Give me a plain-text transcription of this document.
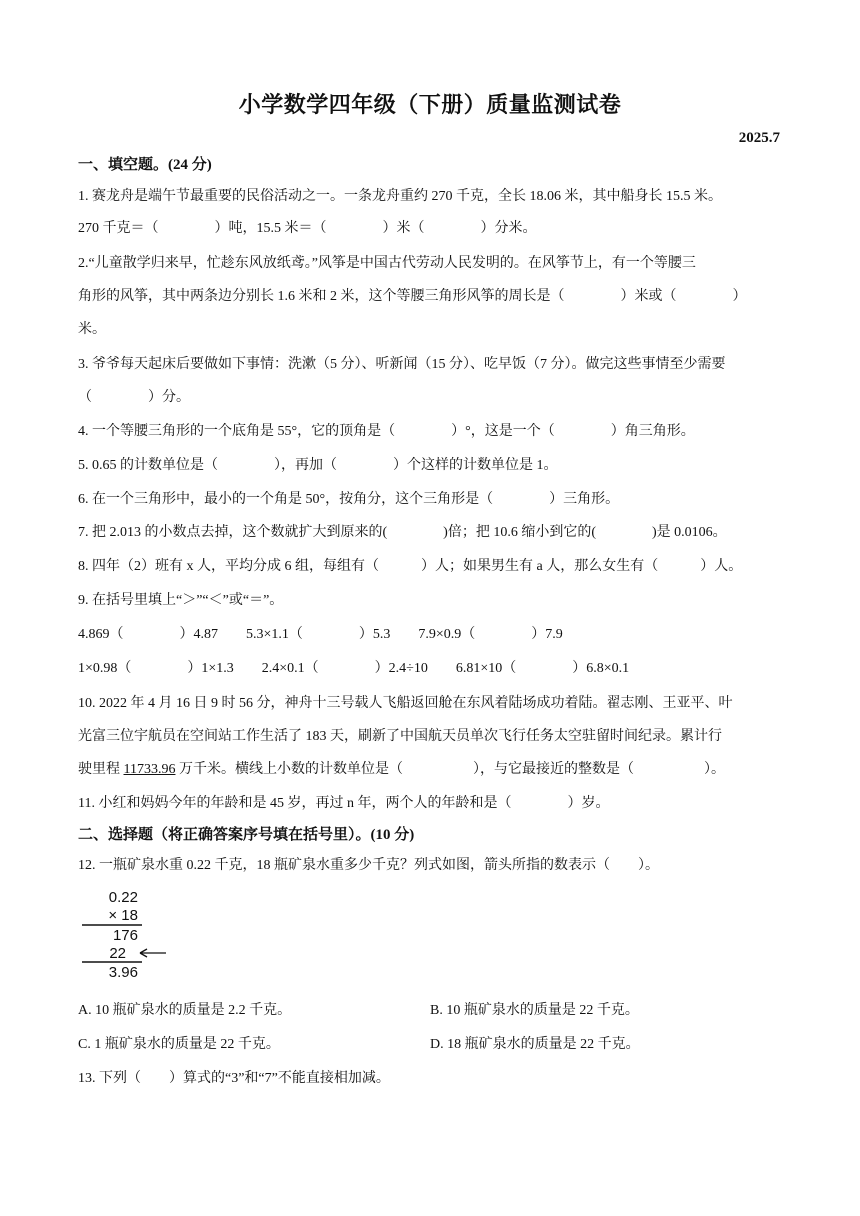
小学数学四年级（下册）质量监测试卷
2025.7
一、填空题。(24 分)
1. 赛龙舟是端午节最重要的民俗活动之一。一条龙舟重约 270 千克，全长 18.06 米，其中船身长 15.5 米。
270 千克＝（　　　　）吨，15.5 米＝（　　　　）米（　　　　）分米。
2.“儿童散学归来早，忙趁东风放纸鸢。”风筝是中国古代劳动人民发明的。在风筝节上，有一个等腰三
角形的风筝，其中两条边分别长 1.6 米和 2 米，这个等腰三角形风筝的周长是（　　　　）米或（　　　　）
米。
3. 爷爷每天起床后要做如下事情：洗漱（5 分）、听新闻（15 分）、吃早饭（7 分）。做完这些事情至少需要
（　　　　）分。
4. 一个等腰三角形的一个底角是 55°，它的顶角是（　　　　）°，这是一个（　　　　）角三角形。
5. 0.65 的计数单位是（　　　　），再加（　　　　）个这样的计数单位是 1。
6. 在一个三角形中，最小的一个角是 50°，按角分，这个三角形是（　　　　）三角形。
7. 把 2.013 的小数点去掉，这个数就扩大到原来的(　　　　)倍；把 10.6 缩小到它的(　　　　)是 0.0106。
8. 四年（2）班有 x 人，平均分成 6 组，每组有（　　　）人；如果男生有 a 人，那么女生有（　　　）人。
9. 在括号里填上“＞”“＜”或“＝”。
4.869（　　　　）4.87　　5.3×1.1（　　　　）5.3　　7.9×0.9（　　　　）7.9
1×0.98（　　　　）1×1.3　　2.4×0.1（　　　　）2.4÷10　　6.81×10（　　　　）6.8×0.1
10. 2022 年 4 月 16 日 9 时 56 分，神舟十三号载人飞船返回舱在东风着陆场成功着陆。翟志刚、王亚平、叶
光富三位宇航员在空间站工作生活了 183 天，刷新了中国航天员单次飞行任务太空驻留时间纪录。累计行
驶里程 11733.96 万千米。横线上小数的计数单位是（　　　　　），与它最接近的整数是（　　　　　）。
11. 小红和妈妈今年的年龄和是 45 岁，再过 n 年，两个人的年龄和是（　　　　）岁。
二、选择题（将正确答案序号填在括号里）。(10 分)
12. 一瓶矿泉水重 0.22 千克，18 瓶矿泉水重多少千克？列式如图，箭头所指的数表示（　　）。
0.22
× 18
176
22
3.96
A. 10 瓶矿泉水的质量是 2.2 千克。	B. 10 瓶矿泉水的质量是 22 千克。
C. 1 瓶矿泉水的质量是 22 千克。	D. 18 瓶矿泉水的质量是 22 千克。
13. 下列（　　）算式的“3”和“7”不能直接相加减。
